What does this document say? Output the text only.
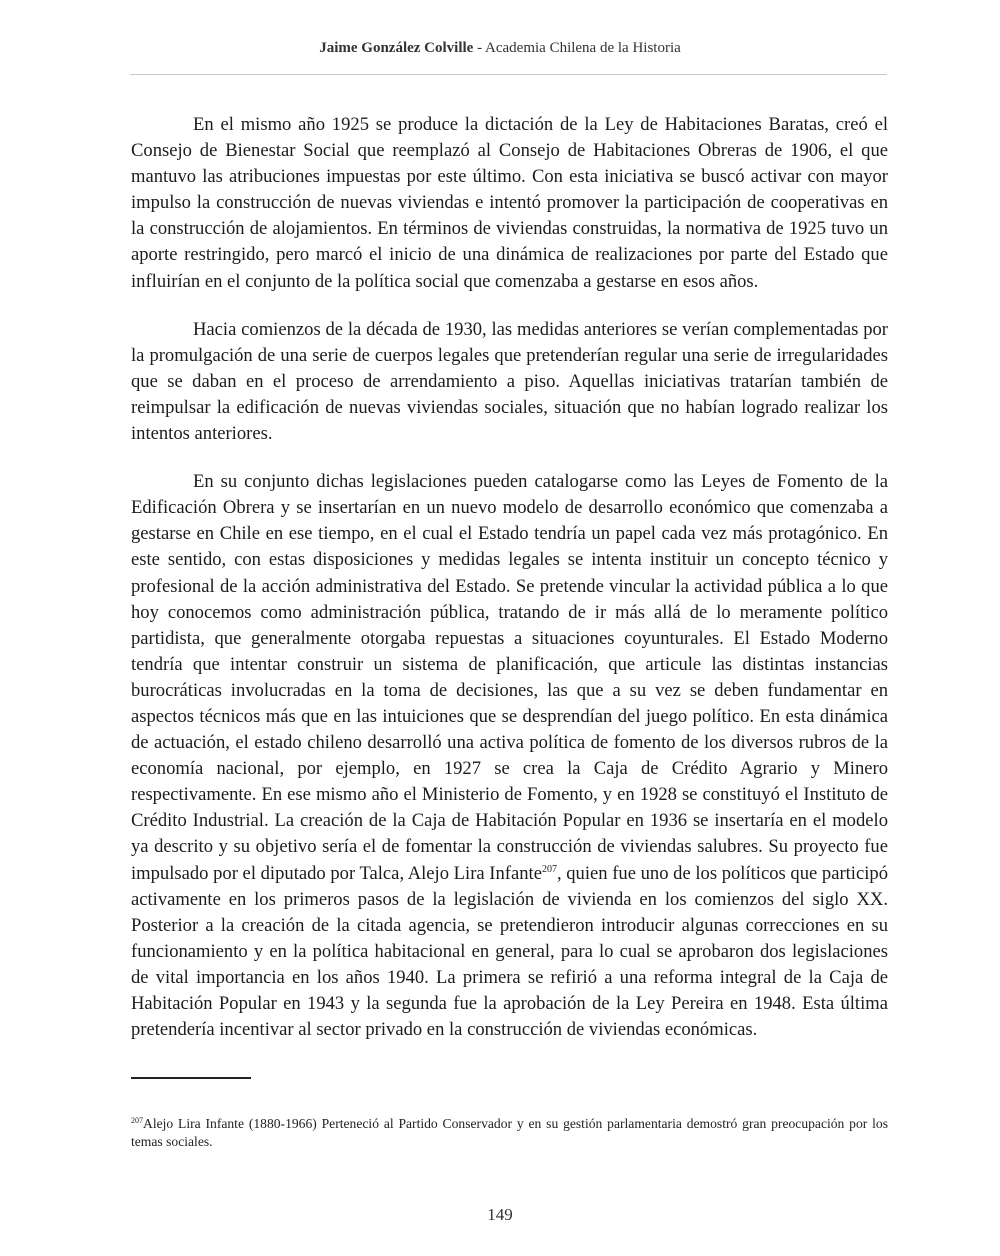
Jaime González Colville - Academia Chilena de la Historia

En el mismo año 1925 se produce la dictación de la Ley de Habitaciones Baratas, creó el Consejo de Bienestar Social que reemplazó al Consejo de Habitaciones Obreras de 1906, el que mantuvo las atribuciones impuestas por este último. Con esta iniciativa se buscó activar con mayor impulso la construcción de nuevas viviendas e intentó promover la participación de cooperativas en la construcción de alojamientos. En términos de viviendas construidas, la normativa de 1925 tuvo un aporte restringido, pero marcó el inicio de una dinámica de realizaciones por parte del Estado que influirían en el conjunto de la política social que comenzaba a gestarse en esos años.

Hacia comienzos de la década de 1930, las medidas anteriores se verían complementadas por la promulgación de una serie de cuerpos legales que pretenderían regular una serie de irregularidades que se daban en el proceso de arrendamiento a piso. Aquellas iniciativas tratarían también de reimpulsar la edificación de nuevas viviendas sociales, situación que no habían logrado realizar los intentos anteriores.

En su conjunto dichas legislaciones pueden catalogarse como las Leyes de Fomento de la Edificación Obrera y se insertarían en un nuevo modelo de desarrollo económico que comenzaba a gestarse en Chile en ese tiempo, en el cual el Estado tendría un papel cada vez más protagónico. En este sentido, con estas disposiciones y medidas legales se intenta instituir un concepto técnico y profesional de la acción administrativa del Estado. Se pretende vincular la actividad pública a lo que hoy conocemos como administración pública, tratando de ir más allá de lo meramente político partidista, que generalmente otorgaba repuestas a situaciones coyunturales. El Estado Moderno tendría que intentar construir un sistema de planificación, que articule las distintas instancias burocráticas involucradas en la toma de decisiones, las que a su vez se deben fundamentar en aspectos técnicos más que en las intuiciones que se desprendían del juego político. En esta dinámica de actuación, el estado chileno desarrolló una activa política de fomento de los diversos rubros de la economía nacional, por ejemplo, en 1927 se crea la Caja de Crédito Agrario y Minero respectivamente. En ese mismo año el Ministerio de Fomento, y en 1928 se constituyó el Instituto de Crédito Industrial. La creación de la Caja de Habitación Popular en 1936 se insertaría en el modelo ya descrito y su objetivo sería el de fomentar la construcción de viviendas salubres. Su proyecto fue impulsado por el diputado por Talca, Alejo Lira Infante$^{207}$, quien fue uno de los políticos que participó activamente en los primeros pasos de la legislación de vivienda en los comienzos del siglo XX. Posterior a la creación de la citada agencia, se pretendieron introducir algunas correcciones en su funcionamiento y en la política habitacional en general, para lo cual se aprobaron dos legislaciones de vital importancia en los años 1940. La primera se refirió a una reforma integral de la Caja de Habitación Popular en 1943 y la segunda fue la aprobación de la Ley Pereira en 1948. Esta última pretendería incentivar al sector privado en la construcción de viviendas económicas.

$^{207}$Alejo Lira Infante (1880-1966) Perteneció al Partido Conservador y en su gestión parlamentaria demostró gran preocupación por los temas sociales.
149
